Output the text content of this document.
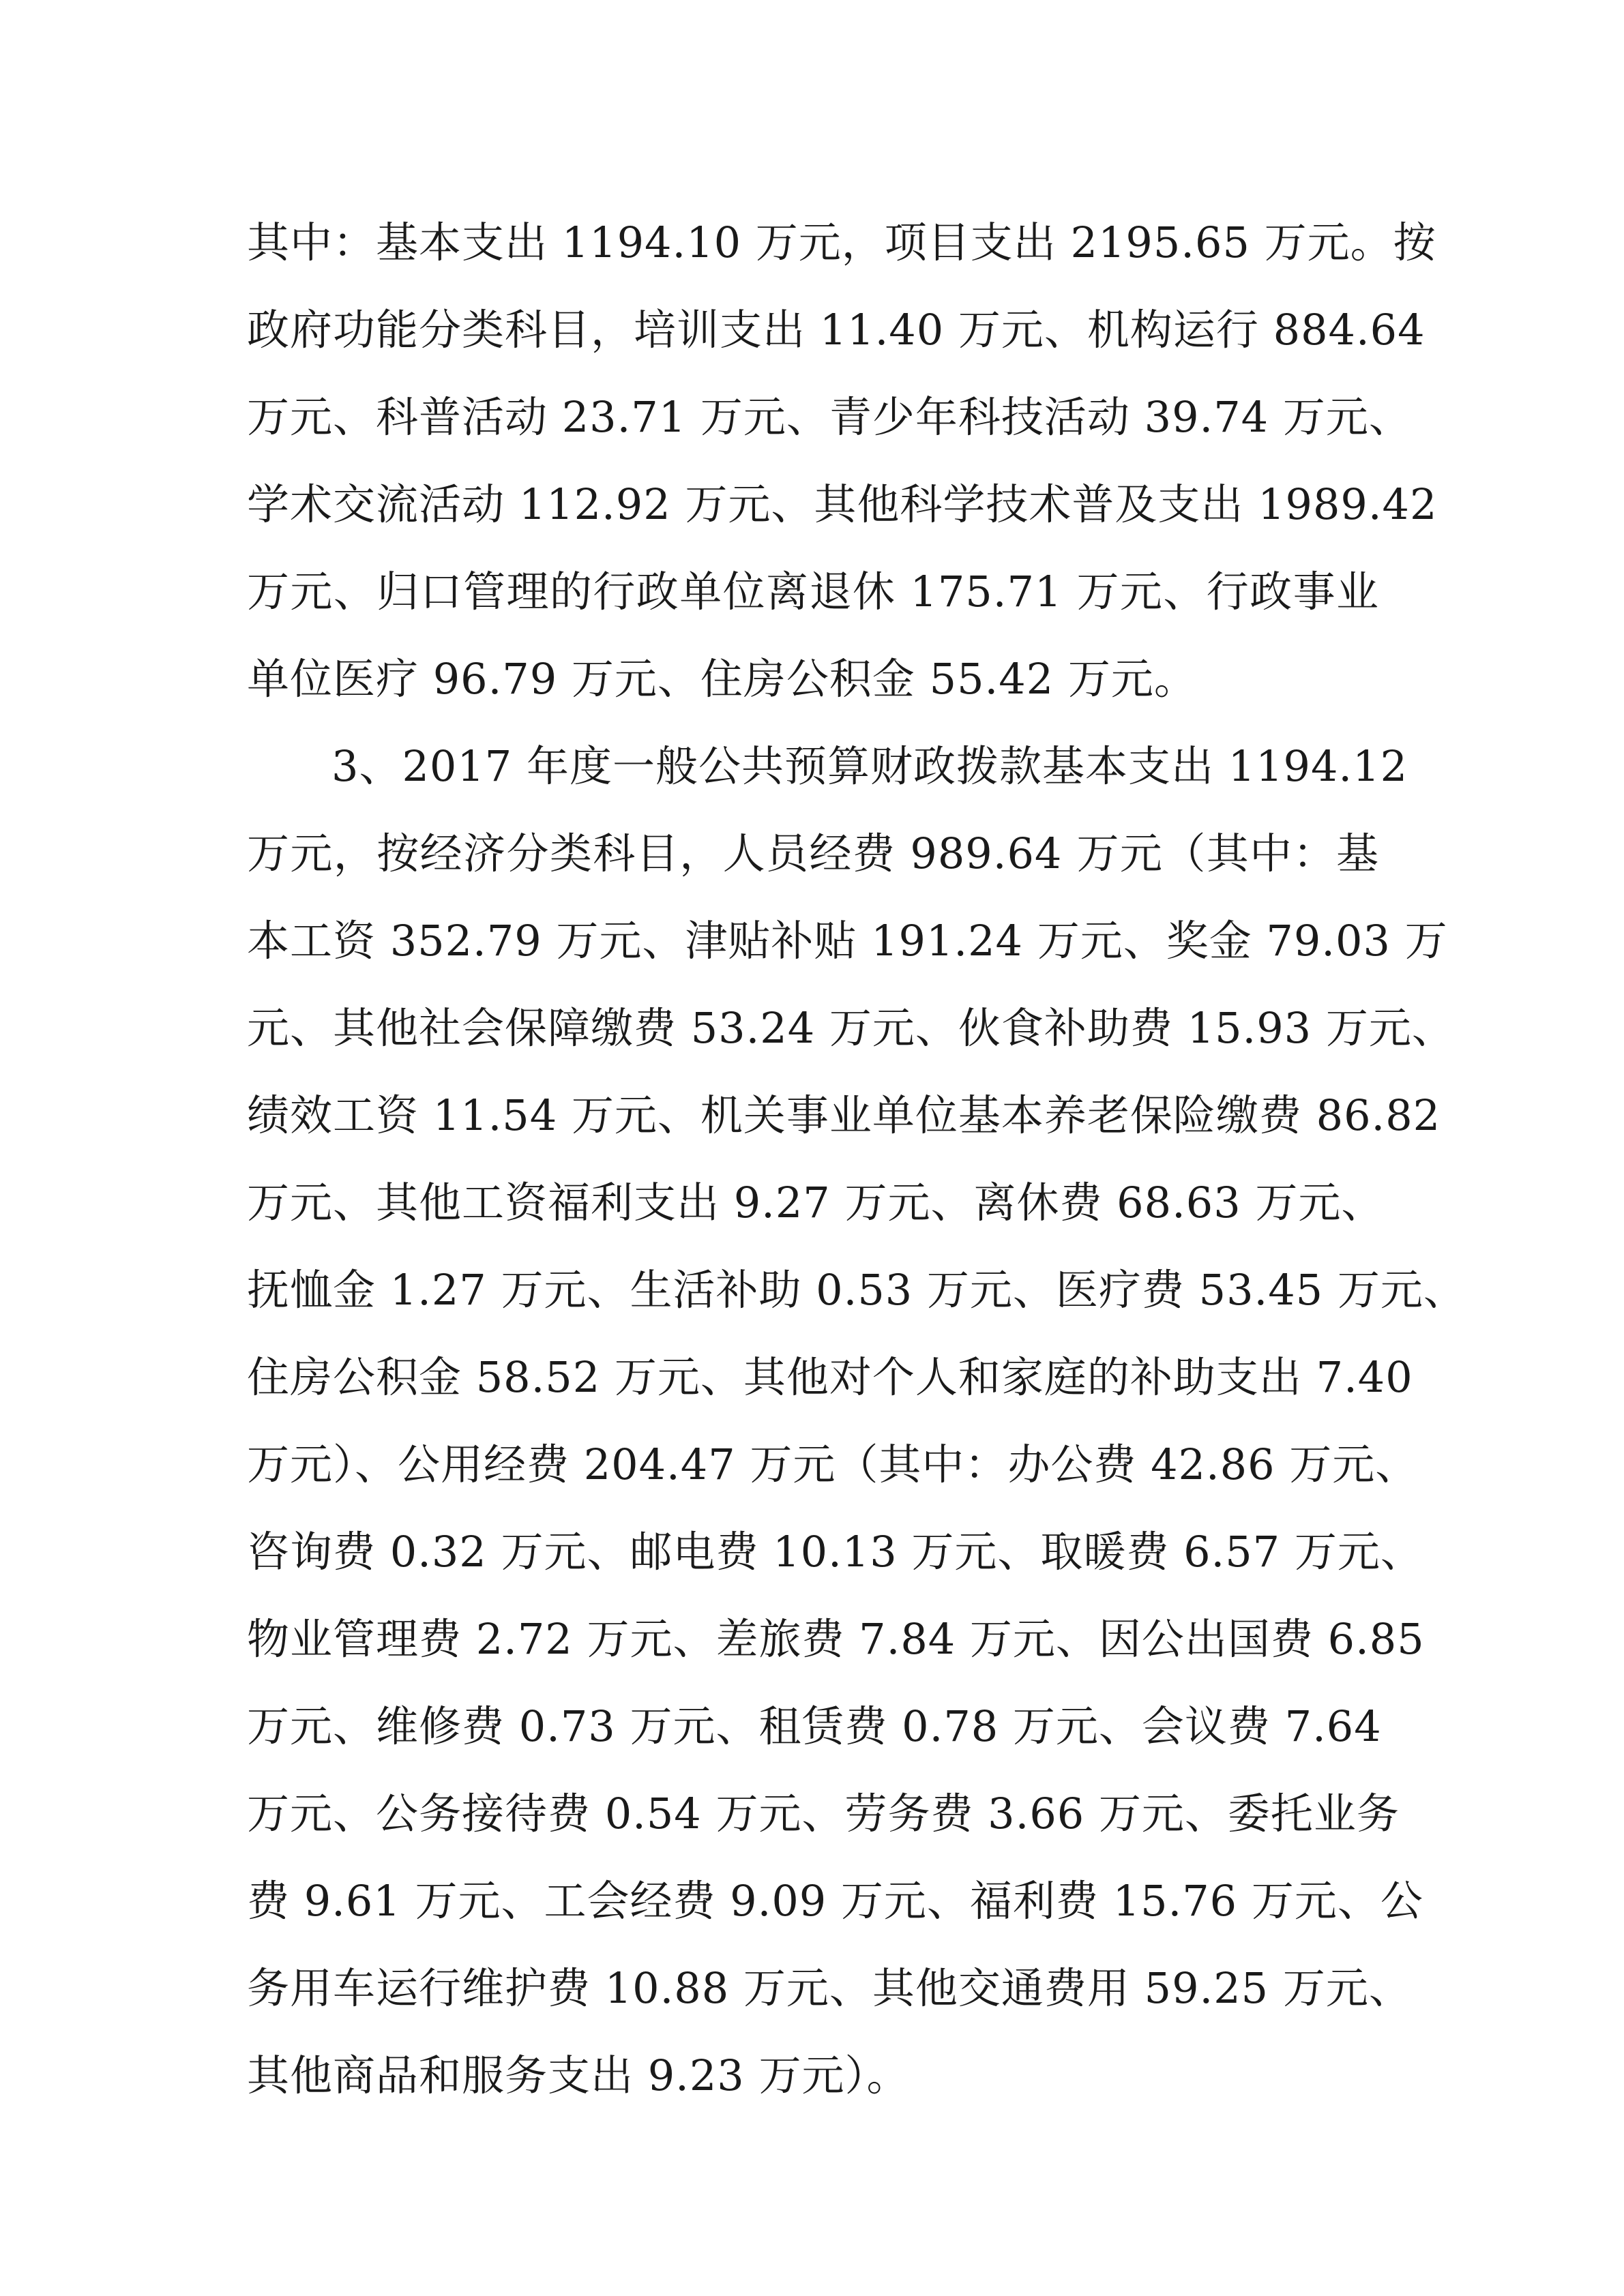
其中：基本支出 1194.10 万元，项目支出 2195.65 万元。按
政府功能分类科目，培训支出 11.40 万元、机构运行 884.64
万元、科普活动 23.71 万元、青少年科技活动 39.74 万元、
学术交流活动 112.92 万元、其他科学技术普及支出 1989.42
万元、归口管理的行政单位离退休 175.71 万元、行政事业
单位医疗 96.79 万元、住房公积金 55.42 万元。
3、2017 年度一般公共预算财政拨款基本支出 1194.12
万元，按经济分类科目，人员经费 989.64 万元（其中：基
本工资 352.79 万元、津贴补贴 191.24 万元、奖金 79.03 万
元、其他社会保障缴费 53.24 万元、伙食补助费 15.93 万元、
绩效工资 11.54 万元、机关事业单位基本养老保险缴费 86.82
万元、其他工资福利支出 9.27 万元、离休费 68.63 万元、
抚恤金 1.27 万元、生活补助 0.53 万元、医疗费 53.45 万元、
住房公积金 58.52 万元、其他对个人和家庭的补助支出 7.40
万元）、公用经费 204.47 万元（其中：办公费 42.86 万元、
咨询费 0.32 万元、邮电费 10.13 万元、取暖费 6.57 万元、
物业管理费 2.72 万元、差旅费 7.84 万元、因公出国费 6.85
万元、维修费 0.73 万元、租赁费 0.78 万元、会议费 7.64
万元、公务接待费 0.54 万元、劳务费 3.66 万元、委托业务
费 9.61 万元、工会经费 9.09 万元、福利费 15.76 万元、公
务用车运行维护费 10.88 万元、其他交通费用 59.25 万元、
其他商品和服务支出 9.23 万元）。
